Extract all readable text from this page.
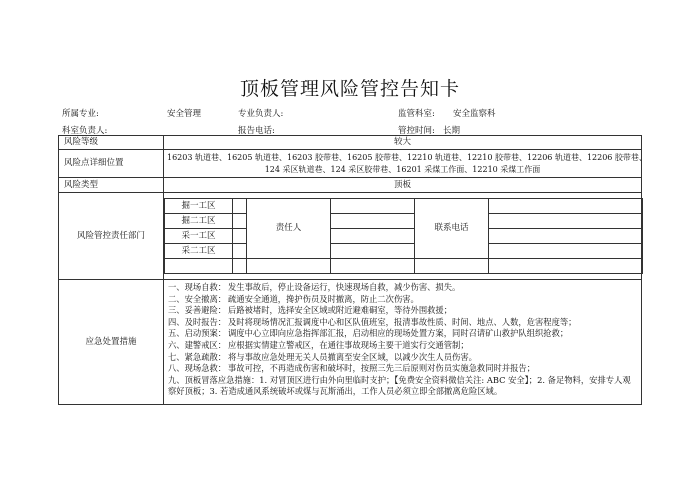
顶板管理风险管控告知卡
所属专业:	安全管理	专业负责人:	监管科室: 安全监察科
科室负责人:	报告电话:	管控时间: 长期
风险等级	较大
风险点详细位置	
16203 轨道巷、16205 轨道巷、16203 胶带巷、16205 胶带巷、12210 轨道巷、12210 胶带巷、12206 轨道巷、12206 胶带巷、
124 采区轨道巷、124 采区胶带巷、16201 采煤工作面、12210 采煤工作面

风险类型	顶板
风险管控责任部门	
掘一工区		责任人		联系电话	
掘二工区			
采一工区			
采二工区			

应急处置措施	
一、现场自救： 发生事故后，停止设备运行，快速现场自救，减少伤害、损失。
二、安全撤离： 疏通安全通道，搀护伤员及时撤离，防止二次伤害。
三、妥善避险： 后路被堵时，选择安全区域或附近避难硐室，等待外围救援；
四、及时报告： 及时将现场情况汇报调度中心和区队值班室，报清事故性质、时间、地点、人数，危害程度等；
五、启动预案： 调度中心立即向应急指挥部汇报，启动相应的现场处置方案，同时召请矿山救护队组织抢救；
六、建警戒区： 应根据实情建立警戒区，在通往事故现场主要干道实行交通管制；
七、紧急疏散： 将与事故应急处理无关人员撤离至安全区域，以减少次生人员伤害。
八、现场急救： 事故可控，不再造成伤害和破坏时，按照三先三后原则对伤员实施急救同时并报告；
九、顶板冒落应急措施：1. 对冒顶区进行由外向里临时支护；【免费安全资料微信关注: ABC 安全】；2. 备足物料，安排专人观察好顶板；3. 若造成通风系统破坏或煤与瓦斯涌出，工作人员必须立即全部撤离危险区域。
